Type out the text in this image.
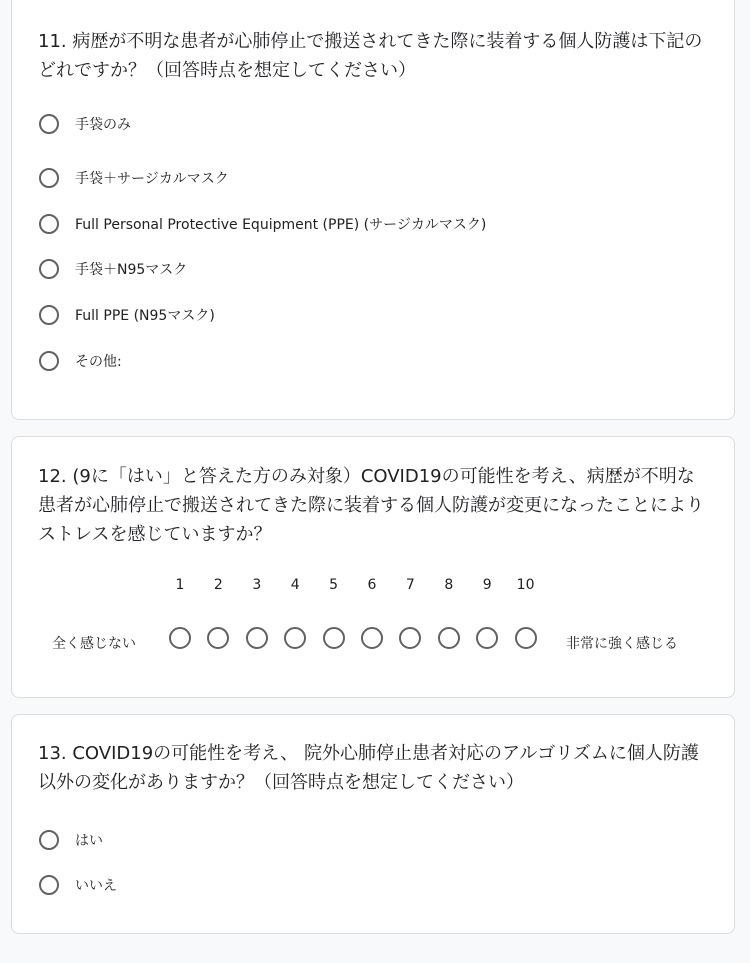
11. 病歴が不明な患者が心肺停止で搬送されてきた際に装着する個人防護は下記のどれですか？（回答時点を想定してください）

手袋のみ
手袋＋サージカルマスク
Full Personal Protective Equipment (PPE) (サージカルマスク)
手袋＋N95マスク
Full PPE (N95マスク)
その他:

12. (9に「はい」と答えた方のみ対象）COVID19の可能性を考え、病歴が不明な患者が心肺停止で搬送されてきた際に装着する個人防護が変更になったことによりストレスを感じていますか？

1	2	3	4	5	6	7	8	9	10
全く感じない	非常に強く感じる

13. COVID19の可能性を考え、 院外心肺停止患者対応のアルゴリズムに個人防護以外の変化がありますか？（回答時点を想定してください）

はい
いいえ
